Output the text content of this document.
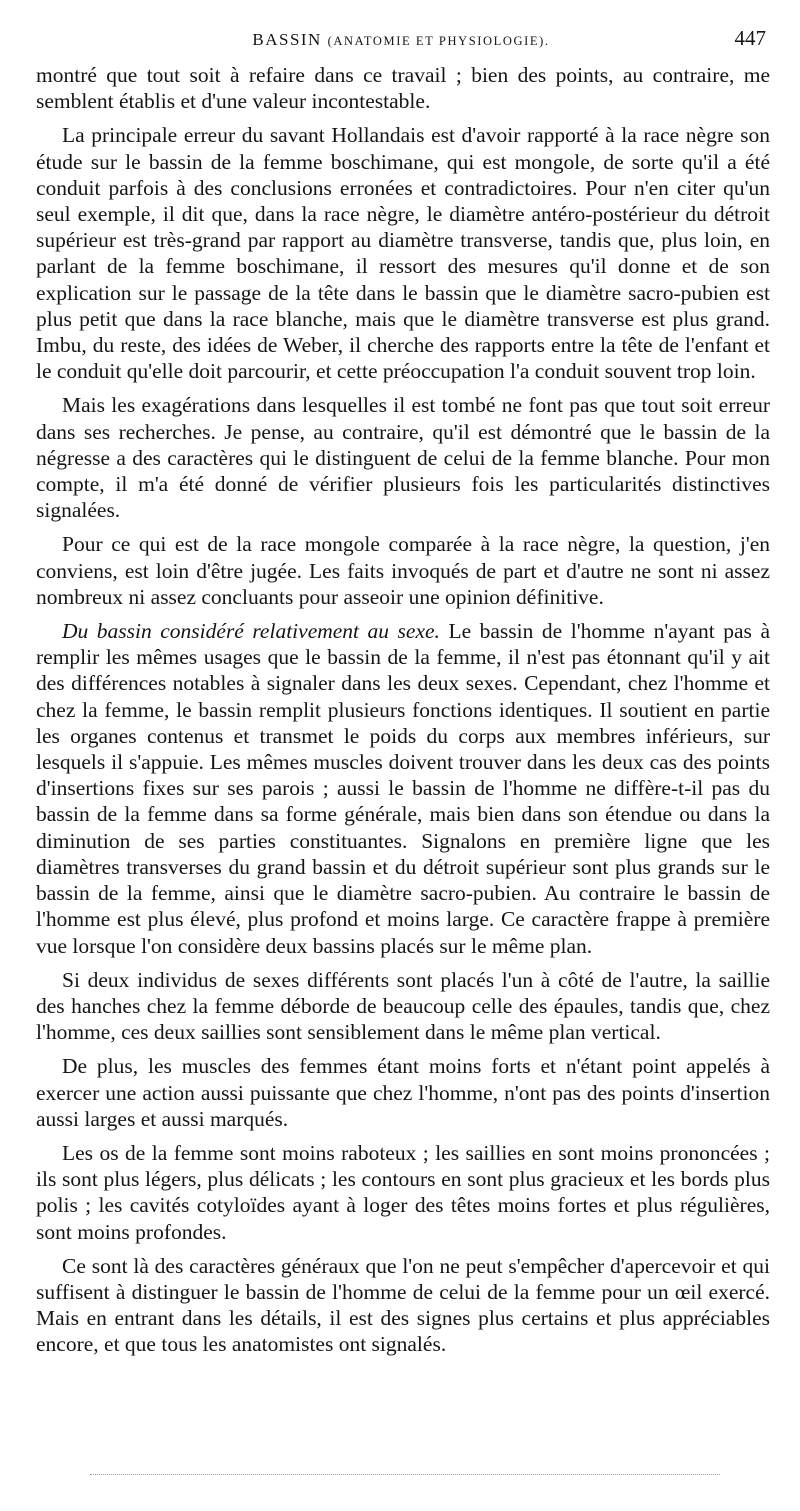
BASSIN (ANATOMIE ET PHYSIOLOGIE).	447

montré que tout soit à refaire dans ce travail ; bien des points, au contraire, me semblent établis et d'une valeur incontestable.

La principale erreur du savant Hollandais est d'avoir rapporté à la race nègre son étude sur le bassin de la femme boschimane, qui est mongole, de sorte qu'il a été conduit parfois à des conclusions erronées et contradictoires. Pour n'en citer qu'un seul exemple, il dit que, dans la race nègre, le diamètre antéro-postérieur du détroit supérieur est très-grand par rapport au diamètre transverse, tandis que, plus loin, en parlant de la femme boschimane, il ressort des mesures qu'il donne et de son explication sur le passage de la tête dans le bassin que le diamètre sacro-pubien est plus petit que dans la race blanche, mais que le diamètre transverse est plus grand. Imbu, du reste, des idées de Weber, il cherche des rapports entre la tête de l'enfant et le conduit qu'elle doit parcourir, et cette préoccupation l'a conduit souvent trop loin.

Mais les exagérations dans lesquelles il est tombé ne font pas que tout soit erreur dans ses recherches. Je pense, au contraire, qu'il est démontré que le bassin de la négresse a des caractères qui le distinguent de celui de la femme blanche. Pour mon compte, il m'a été donné de vérifier plusieurs fois les particularités distinctives signalées.

Pour ce qui est de la race mongole comparée à la race nègre, la question, j'en conviens, est loin d'être jugée. Les faits invoqués de part et d'autre ne sont ni assez nombreux ni assez concluants pour asseoir une opinion définitive.

Du bassin considéré relativement au sexe. Le bassin de l'homme n'ayant pas à remplir les mêmes usages que le bassin de la femme, il n'est pas étonnant qu'il y ait des différences notables à signaler dans les deux sexes. Cependant, chez l'homme et chez la femme, le bassin remplit plusieurs fonctions identiques. Il soutient en partie les organes contenus et transmet le poids du corps aux membres inférieurs, sur lesquels il s'appuie. Les mêmes muscles doivent trouver dans les deux cas des points d'insertions fixes sur ses parois ; aussi le bassin de l'homme ne diffère-t-il pas du bassin de la femme dans sa forme générale, mais bien dans son étendue ou dans la diminution de ses parties constituantes. Signalons en première ligne que les diamètres transverses du grand bassin et du détroit supérieur sont plus grands sur le bassin de la femme, ainsi que le diamètre sacro-pubien. Au contraire le bassin de l'homme est plus élevé, plus profond et moins large. Ce caractère frappe à première vue lorsque l'on considère deux bassins placés sur le même plan.

Si deux individus de sexes différents sont placés l'un à côté de l'autre, la saillie des hanches chez la femme déborde de beaucoup celle des épaules, tandis que, chez l'homme, ces deux saillies sont sensiblement dans le même plan vertical.

De plus, les muscles des femmes étant moins forts et n'étant point appelés à exercer une action aussi puissante que chez l'homme, n'ont pas des points d'insertion aussi larges et aussi marqués.

Les os de la femme sont moins raboteux ; les saillies en sont moins prononcées ; ils sont plus légers, plus délicats ; les contours en sont plus gracieux et les bords plus polis ; les cavités cotyloïdes ayant à loger des têtes moins fortes et plus régulières, sont moins profondes.

Ce sont là des caractères généraux que l'on ne peut s'empêcher d'apercevoir et qui suffisent à distinguer le bassin de l'homme de celui de la femme pour un œil exercé. Mais en entrant dans les détails, il est des signes plus certains et plus appréciables encore, et que tous les anatomistes ont signalés.
